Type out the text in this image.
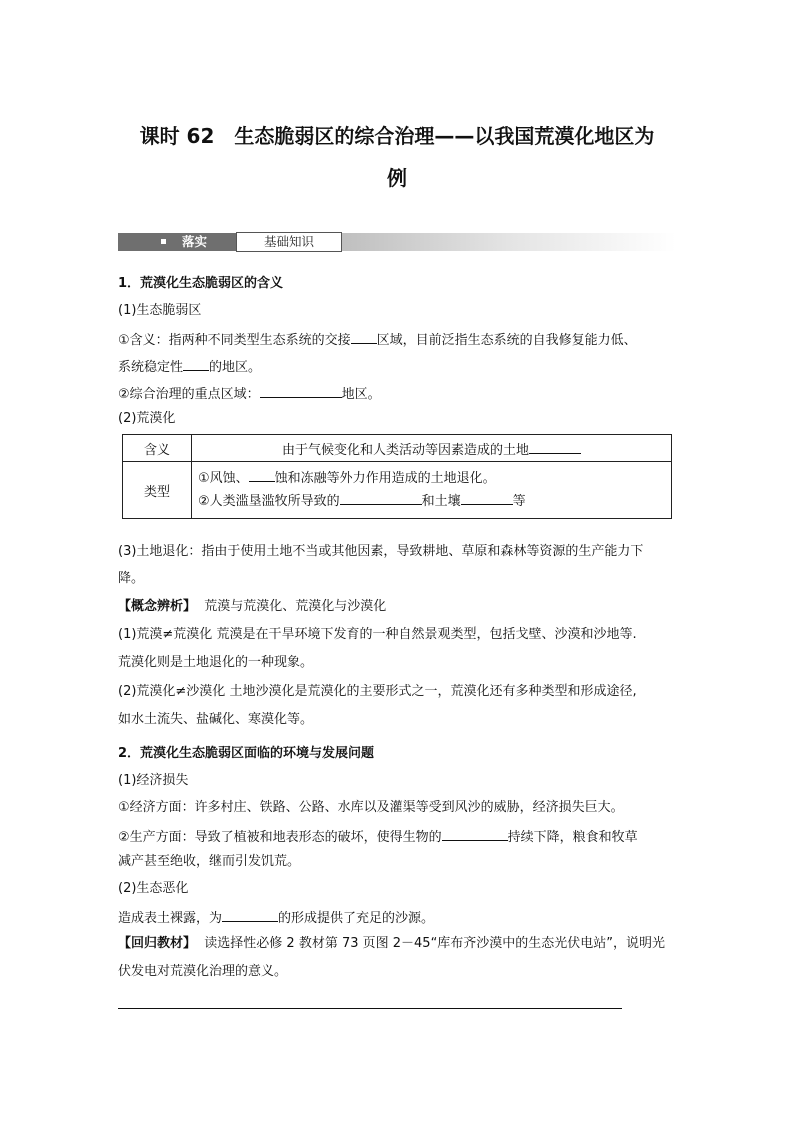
课时 62　生态脆弱区的综合治理——以我国荒漠化地区为
例
落实	基础知识
1．荒漠化生态脆弱区的含义
(1)生态脆弱区
①含义：指两种不同类型生态系统的交接 区域，目前泛指生态系统的自我修复能力低、
系统稳定性 的地区。
②综合治理的重点区域：	地区。
(2)荒漠化
含义	由于气候变化和人类活动等因素造成的土地
类型	①风蚀、 蚀和冻融等外力作用造成的土地退化。
②人类滥垦滥牧所导致的 和土壤 等
(3)土地退化：指由于使用土地不当或其他因素，导致耕地、草原和森林等资源的生产能力下
降。
【概念辨析】 荒漠与荒漠化、荒漠化与沙漠化
(1)荒漠≠荒漠化 荒漠是在干旱环境下发育的一种自然景观类型，包括戈壁、沙漠和沙地等.
荒漠化则是土地退化的一种现象。
(2)荒漠化≠沙漠化 土地沙漠化是荒漠化的主要形式之一，荒漠化还有多种类型和形成途径,
如水土流失、盐碱化、寒漠化等。
2．荒漠化生态脆弱区面临的环境与发展问题
(1)经济损失
①经济方面：许多村庄、铁路、公路、水库以及灌渠等受到风沙的威胁，经济损失巨大。
②生产方面：导致了植被和地表形态的破坏，使得生物的	持续下降，粮食和牧草
减产甚至绝收，继而引发饥荒。
(2)生态恶化
造成表土裸露，为	的形成提供了充足的沙源。
【回归教材】 读选择性必修 2 教材第 73 页图 2－45“库布齐沙漠中的生态光伏电站”，说明光
伏发电对荒漠化治理的意义。
